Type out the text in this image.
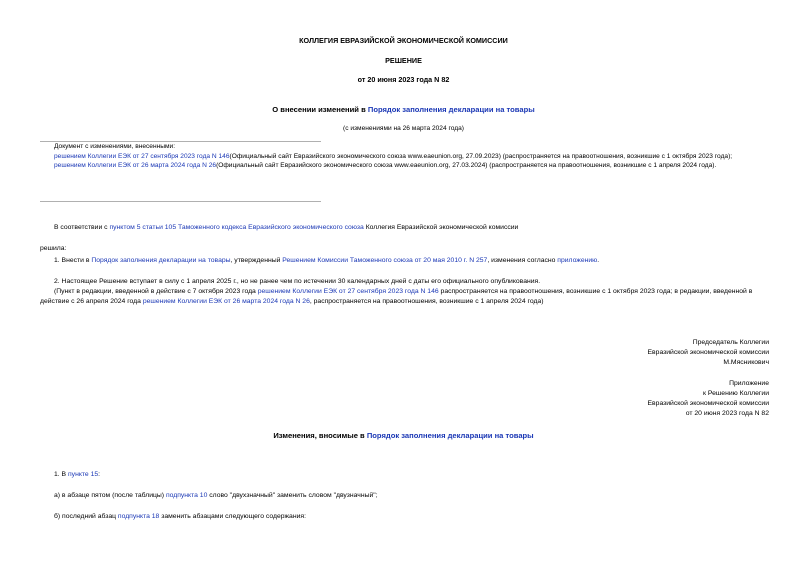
КОЛЛЕГИЯ ЕВРАЗИЙСКОЙ ЭКОНОМИЧЕСКОЙ КОМИССИИ
РЕШЕНИЕ
от 20 июня 2023 года N 82
О внесении изменений в Порядок заполнения декларации на товары
(с изменениями на 26 марта 2024 года)
Документ с изменениями, внесенными:
решением Коллегии ЕЭК от 27 сентября 2023 года N 146(Официальный сайт Евразийского экономического союза www.eaeunion.org, 27.09.2023) (распространяется на правоотношения, возникшие с 1 октября 2023 года);
решением Коллегии ЕЭК от 26 марта 2024 года N 26(Официальный сайт Евразийского экономического союза www.eaeunion.org, 27.03.2024) (распространяется на правоотношения, возникшие с 1 апреля 2024 года).
В соответствии с пунктом 5 статьи 105 Таможенного кодекса Евразийского экономического союза Коллегия Евразийской экономической комиссии
решила:
1. Внести в Порядок заполнения декларации на товары, утвержденный Решением Комиссии Таможенного союза от 20 мая 2010 г. N 257, изменения согласно приложению.
2. Настоящее Решение вступает в силу с 1 апреля 2025 г., но не ранее чем по истечении 30 календарных дней с даты его официального опубликования.
(Пункт в редакции, введенной в действие с 7 октября 2023 года решением Коллегии ЕЭК от 27 сентября 2023 года N 146 распространяется на правоотношения, возникшие с 1 октября 2023 года; в редакции, введенной в действие с 26 апреля 2024 года решением Коллегии ЕЭК от 26 марта 2024 года N 26, распространяется на правоотношения, возникшие с 1 апреля 2024 года)
Председатель Коллегии
Евразийской экономической комиссии
М.Мясникович
Приложение
к Решению Коллегии
Евразийской экономической комиссии
от 20 июня 2023 года N 82
Изменения, вносимые в Порядок заполнения декларации на товары
1. В пункте 15:
а) в абзаце пятом (после таблицы) подпункта 10 слово "двухзначный" заменить словом "двузначный";
б) последний абзац подпункта 18 заменить абзацами следующего содержания:
